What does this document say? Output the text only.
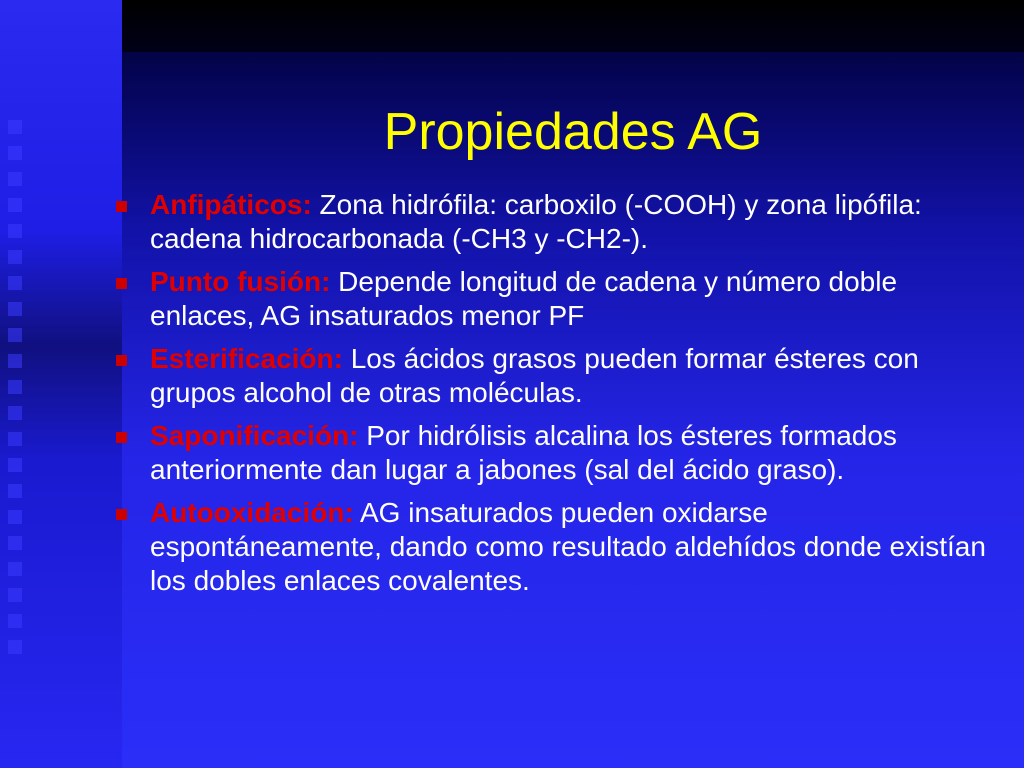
Propiedades AG
Anfipáticos: Zona hidrófila: carboxilo (-COOH) y zona lipófila: cadena hidrocarbonada (-CH3 y -CH2-).
Punto fusión: Depende longitud de cadena y número doble enlaces, AG insaturados menor PF
Esterificación: Los ácidos grasos pueden formar ésteres con grupos alcohol de otras moléculas.
Saponificación: Por hidrólisis alcalina los ésteres formados anteriormente dan lugar a jabones (sal del ácido graso).
Autooxidación: AG insaturados pueden oxidarse espontáneamente, dando como resultado aldehídos donde existían los dobles enlaces covalentes.
